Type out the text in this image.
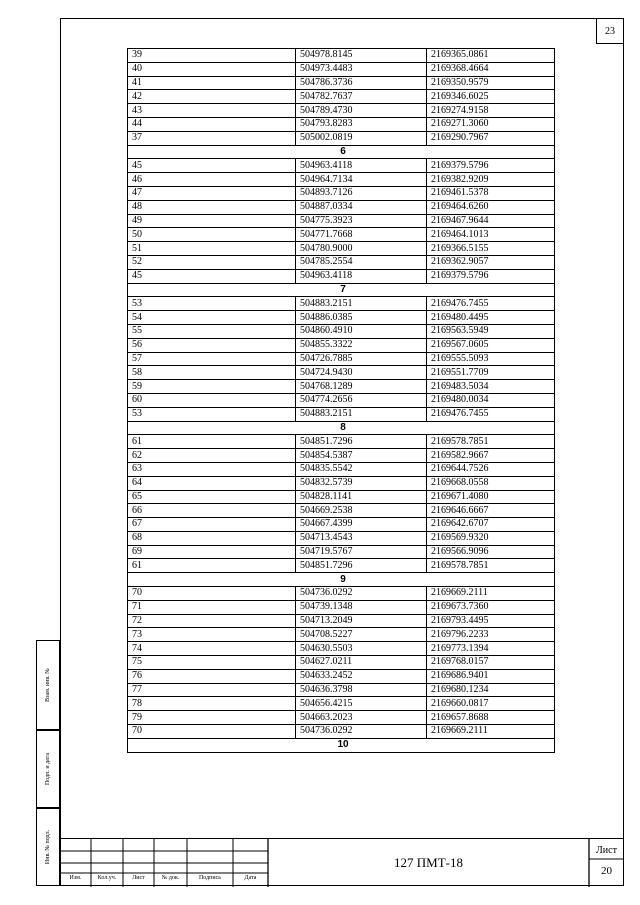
23
39	504978.8145	2169365.0861
40	504973.4483	2169368.4664
41	504786.3736	2169350.9579
42	504782.7637	2169346.6025
43	504789.4730	2169274.9158
44	504793.8283	2169271.3060
37	505002.0819	2169290.7967
6		
45	504963.4118	2169379.5796
46	504964.7134	2169382.9209
47	504893.7126	2169461.5378
48	504887.0334	2169464.6260
49	504775.3923	2169467.9644
50	504771.7668	2169464.1013
51	504780.9000	2169366.5155
52	504785.2554	2169362.9057
45	504963.4118	2169379.5796
7		
53	504883.2151	2169476.7455
54	504886.0385	2169480.4495
55	504860.4910	2169563.5949
56	504855.3322	2169567.0605
57	504726.7885	2169555.5093
58	504724.9430	2169551.7709
59	504768.1289	2169483.5034
60	504774.2656	2169480.0034
53	504883.2151	2169476.7455
8		
61	504851.7296	2169578.7851
62	504854.5387	2169582.9667
63	504835.5542	2169644.7526
64	504832.5739	2169668.0558
65	504828.1141	2169671.4080
66	504669.2538	2169646.6667
67	504667.4399	2169642.6707
68	504713.4543	2169569.9320
69	504719.5767	2169566.9096
61	504851.7296	2169578.7851
9		
70	504736.0292	2169669.2111
71	504739.1348	2169673.7360
72	504713.2049	2169793.4495
73	504708.5227	2169796.2233
74	504630.5503	2169773.1394
75	504627.0211	2169768.0157
76	504633.2452	2169686.9401
77	504636.3798	2169680.1234
78	504656.4215	2169660.0817
79	504663.2023	2169657.8688
70	504736.0292	2169669.2111
10		
Взам. инв. №
Подп. и дата
Инв. № подл.
Изм.	Кол.уч.	Лист	№ док.	Подпись	Дата
127 ПМТ-18
Лист
20
